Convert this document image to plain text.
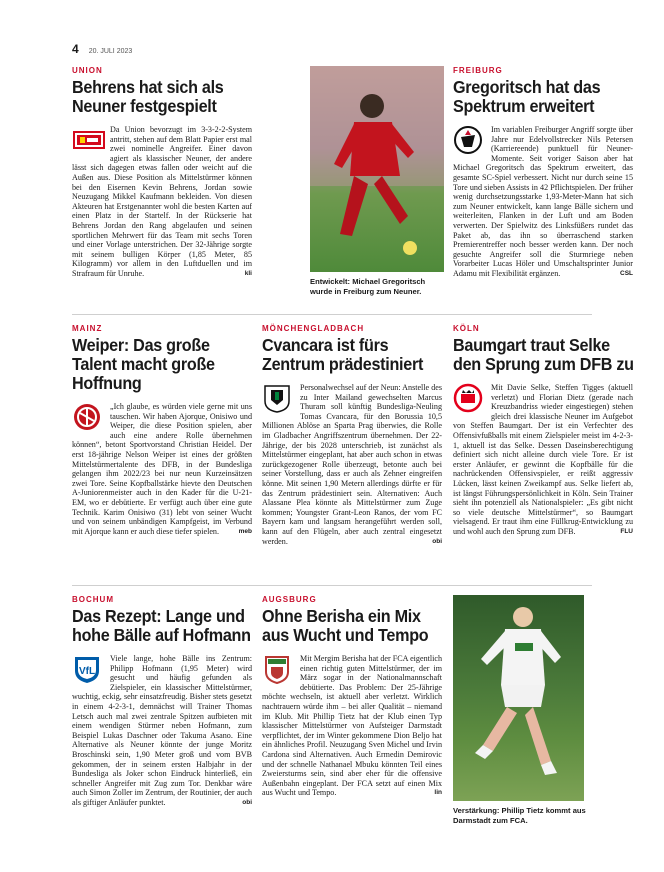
4 20. JULI 2023
UNION
Behrens hat sich als Neuner festgespielt
Da Union bevorzugt im 3-3-2-2-System antritt, stehen auf dem Blatt Papier erst mal zwei nominelle Angreifer. Einer davon agiert als klassischer Neuner, der andere lässt sich dagegen etwas fallen oder weicht auf die Außen aus. Diese Position als Mittelstürmer können bei den Eisernen Kevin Behrens, Jordan sowie Neuzugang Mikkel Kaufmann bekleiden. Von diesen Akteuren hat Erstgenannter wohl die besten Karten auf einen Platz in der Startelf. In der Rückserie hat Behrens Jordan den Rang abgelaufen und seinen sportlichen Mehrwert für das Team mit sechs Toren und einer Vorlage unterstrichen. Der 32-Jährige sorgte mit seinem bulligen Körper (1,85 Meter, 85 Kilogramm) vor allem in den Luftduellen und im Strafraum für Unruhe.	kli
Entwickelt: Michael Gregoritsch wurde in Freiburg zum Neuner.
FREIBURG
Gregoritsch hat das Spektrum erweitert
Im variablen Freiburger Angriff sorgte über Jahre nur Edelvollstrecker Nils Petersen (Karriereende) punktuell für Neuner-Momente. Seit voriger Saison aber hat Michael Gregoritsch das Spektrum erweitert, das gesamte SC-Spiel verbessert. Nicht nur durch seine 15 Tore und sieben Assists in 42 Pflichtspielen. Der früher wenig durchsetzungsstarke 1,93-Meter-Mann hat sich zum Neuner entwickelt, kann lange Bälle sichern und weiterleiten, Flanken in der Luft und am Boden verwerten. Der Spielwitz des Linksfüßers rundet das Paket ab, das ihn so überraschend starken Premierentreffer noch besser werden kann. Der noch gesuchte Angreifer soll die Sturmriege neben Vorarbeiter Lucas Höler und Umschaltsprinter Junior Adamu mit Flexibilität ergänzen.	CSL
MAINZ
Weiper: Das große Talent macht große Hoffnung
„Ich glaube, es würden viele gerne mit uns tauschen. Wir haben Ajorque, Onisiwo und Weiper, die diese Position spielen, aber auch eine andere Rolle übernehmen können“, betont Sportvorstand Christian Heidel. Der erst 18-jährige Nelson Weiper ist eines der größten Mittelstürmertalente des DFB, in der Bundesliga gelangen ihm 2022/23 bei nur neun Kurzeinsätzen zwei Tore. Seine Kopfballstärke hievte den Deutschen A-Juniorenmeister auch in den Kader für die U-21-EM, wo er debütierte. Er verfügt auch über eine gute Technik. Karim Onisiwo (31) lebt von seiner Wucht und von seinem unbändigen Kampfgeist, im Verbund mit Ajorque kann er auch diese tiefer spielen.	meb
MÖNCHENGLADBACH
Cvancara ist fürs Zentrum prädestiniert
Personalwechsel auf der Neun: Anstelle des zu Inter Mailand gewechselten Marcus Thuram soll künftig Bundesliga-Neuling Tomas Cvancara, für den Borussia 10,5 Millionen Ablöse an Sparta Prag überwies, die Rolle im Gladbacher Angriffszentrum übernehmen. Der 22-Jährige, der bis 2028 unterschrieb, ist zunächst als Mittelstürmer eingeplant, hat aber auch schon in etwas zurückgezogener Rolle überzeugt, betonte auch bei seiner Vorstellung, dass er auch als Zehner eingreifen könne. Mit seinen 1,90 Metern allerdings dürfte er für das Zentrum prädestiniert sein. Alternativen: Auch Alassane Plea könnte als Mittelstürmer zum Zuge kommen; Youngster Grant-Leon Ranos, der vom FC Bayern kam und langsam herangeführt werden soll, kann auf den Flügeln, aber auch zentral eingesetzt werden.	obi
KÖLN
Baumgart traut Selke den Sprung zum DFB zu
Mit Davie Selke, Steffen Tigges (aktuell verletzt) und Florian Dietz (gerade nach Kreuzbandriss wieder eingestiegen) stehen gleich drei klassische Neuner im Aufgebot von Steffen Baumgart. Der ist ein Verfechter des Offensivfußballs mit einem Zielspieler meist im 4-2-3-1, aktuell ist das Selke. Dessen Daseinsberechtigung definiert sich nicht alleine durch viele Tore. Er ist erster Anläufer, er gewinnt die Kopfbälle für die nachrückenden Offensivspieler, er reißt aggressiv Lücken, lässt keinen Zweikampf aus. Selke liefert ab, ist längst Führungspersönlichkeit in Köln. Sein Trainer sieht ihn potenziell als Nationalspieler: „Es gibt nicht so viele deutsche Mittelstürmer“, so Baumgart vielsagend. Er traut ihm eine Füllkrug-Entwicklung zu und wohl auch den Sprung zum DFB.	FLU
BOCHUM
Das Rezept: Lange und hohe Bälle auf Hofmann
VfL
Viele lange, hohe Bälle ins Zentrum: Philipp Hofmann (1,95 Meter) wird gesucht und häufig gefunden als Zielspieler, ein klassischer Mittelstürmer, wuchtig, eckig, sehr einsatzfreudig. Bisher stets gesetzt in einem 4-2-3-1, demnächst will Trainer Thomas Letsch auch mal zwei zentrale Spitzen aufbieten mit einem wendigen Stürmer neben Hofmann, zum Beispiel Lukas Daschner oder Takuma Asano. Eine Alternative als Neuner könnte der junge Moritz Broschinski sein, 1,90 Meter groß und vom BVB gekommen, der in seinem ersten Halbjahr in der Bundesliga als Joker schon Eindruck hinterließ, ein schneller Angreifer mit Zug zum Tor. Denkbar wäre auch Simon Zoller im Zentrum, der Routinier, der auch als giftiger Anläufer punktet.	obi
AUGSBURG
Ohne Berisha ein Mix aus Wucht und Tempo
Mit Mergim Berisha hat der FCA eigentlich einen richtig guten Mittelstürmer, der im März sogar in der Nationalmannschaft debütierte. Das Problem: Der 25-Jährige möchte wechseln, ist aktuell aber verletzt. Wirklich nachtrauern würde ihm – bei aller Qualität – niemand im Klub. Mit Phillip Tietz hat der Klub einen Typ klassischer Mittelstürmer von Aufsteiger Darmstadt verpflichtet, der im Winter gekommene Dion Beljo hat ein ähnliches Profil. Neuzugang Sven Michel und Irvin Cardona sind Alternativen. Auch Ermedin Demirovic und der schnelle Nathanael Mbuku könnten Teil eines Zweiersturms sein, sind aber eher für die offensive Außenbahn eingeplant. Der FCA setzt auf einen Mix aus Wucht und Tempo.	lin
Verstärkung: Phillip Tietz kommt aus Darmstadt zum FCA.
